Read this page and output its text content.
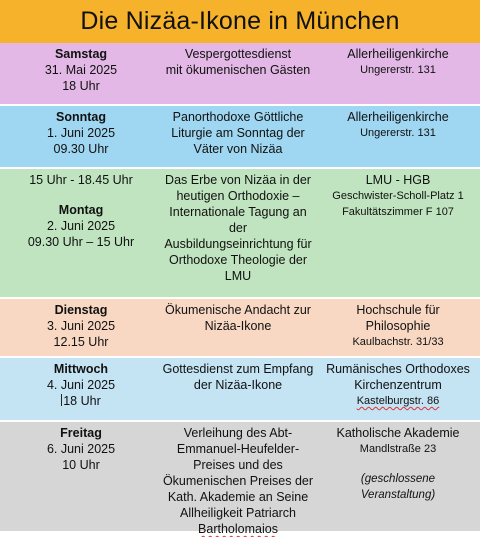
Die Nizäa-Ikone in München
Samstag
31. Mai 2025
18 Uhr
Vespergottesdienst
mit ökumenischen Gästen
Allerheiligenkirche
Ungererstr. 131
Sonntag
1. Juni 2025
09.30 Uhr
Panorthodoxe Göttliche
Liturgie am Sonntag der
Väter von Nizäa
Allerheiligenkirche
Ungererstr. 131
15 Uhr - 18.45 Uhr
Montag
2. Juni 2025
09.30 Uhr – 15 Uhr
Das Erbe von Nizäa in der
heutigen Orthodoxie –
Internationale Tagung an
der
Ausbildungseinrichtung für
Orthodoxe Theologie der
LMU
LMU - HGB
Geschwister-Scholl-Platz 1
Fakultätszimmer F 107
Dienstag
3. Juni 2025
12.15 Uhr
Ökumenische Andacht zur
Nizäa-Ikone
Hochschule für
Philosophie
Kaulbachstr. 31/33
Mittwoch
4. Juni 2025
18 Uhr
Gottesdienst zum Empfang
der Nizäa-Ikone
Rumänisches Orthodoxes
Kirchenzentrum
Kastelburgstr. 86
Freitag
6. Juni 2025
10 Uhr
Verleihung des Abt-
Emmanuel-Heufelder-
Preises und des
Ökumenischen Preises der
Kath. Akademie an Seine
Allheiligkeit Patriarch
Bartholomaios
Katholische Akademie
Mandlstraße 23
(geschlossene
Veranstaltung)
